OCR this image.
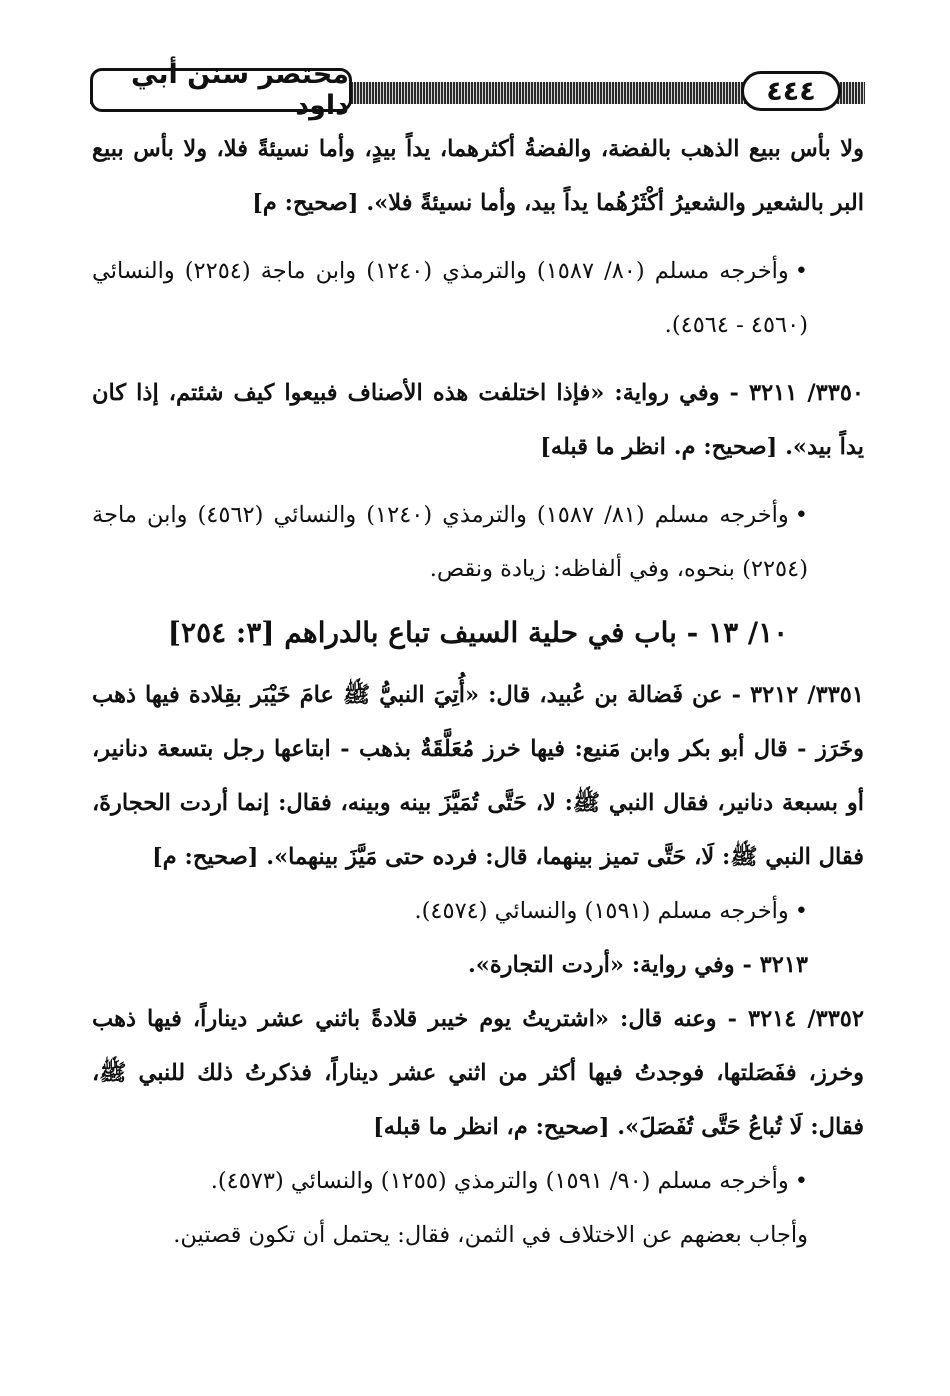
مختصر سنن أبي داود	٤٤٤

ولا بأس ببيع الذهب بالفضة، والفضةُ أكثرهما، يداً بيدٍ، وأما نسيئةً فلا، ولا بأس ببيع البر بالشعير والشعيرُ أكْثَرُهُما يداً بيد، وأما نسيئةً فلا». [صحيح: م]

•وأخرجه مسلم (٨٠/ ١٥٨٧) والترمذي (١٢٤٠) وابن ماجة (٢٢٥٤) والنسائي (٤٥٦٠ - ٤٥٦٤).

٣٣٥٠/ ٣٢١١ - وفي رواية: «فإذا اختلفت هذه الأصناف فبيعوا كيف شئتم، إذا كان يداً بيد». [صحيح: م. انظر ما قبله]

•وأخرجه مسلم (٨١/ ١٥٨٧) والترمذي (١٢٤٠) والنسائي (٤٥٦٢) وابن ماجة (٢٢٥٤) بنحوه، وفي ألفاظه: زيادة ونقص.

١٠/ ١٣ - باب في حلية السيف تباع بالدراهم [٣: ٢٥٤]

٣٣٥١/ ٣٢١٢ - عن فَضالة بن عُبيد، قال: «أُتِيَ النبيُّ ﷺ عامَ خَيْبَر بقِلادة فيها ذهب وخَرَز - قال أبو بكر وابن مَنيع: فيها خرز مُعَلَّقَةٌ بذهب - ابتاعها رجل بتسعة دنانير، أو بسبعة دنانير، فقال النبي ﷺ: لا، حَتَّى تُمَيَّزَ بينه وبينه، فقال: إنما أردت الحجارةَ، فقال النبي ﷺ: لَا، حَتَّى تميز بينهما، قال: فرده حتى مَيَّزَ بينهما». [صحيح: م]

•وأخرجه مسلم (١٥٩١) والنسائي (٤٥٧٤).

٣٢١٣ - وفي رواية: «أردت التجارة».

٣٣٥٢/ ٣٢١٤ - وعنه قال: «اشتريتُ يوم خيبر قلادةً باثني عشر ديناراً، فيها ذهب وخرز، ففَصَلتها، فوجدتُ فيها أكثر من اثني عشر ديناراً، فذكرتُ ذلك للنبي ﷺ، فقال: لَا تُباعُ حَتَّى تُفَصَلَ». [صحيح: م، انظر ما قبله]

•وأخرجه مسلم (٩٠/ ١٥٩١) والترمذي (١٢٥٥) والنسائي (٤٥٧٣).

وأجاب بعضهم عن الاختلاف في الثمن، فقال: يحتمل أن تكون قصتين.
